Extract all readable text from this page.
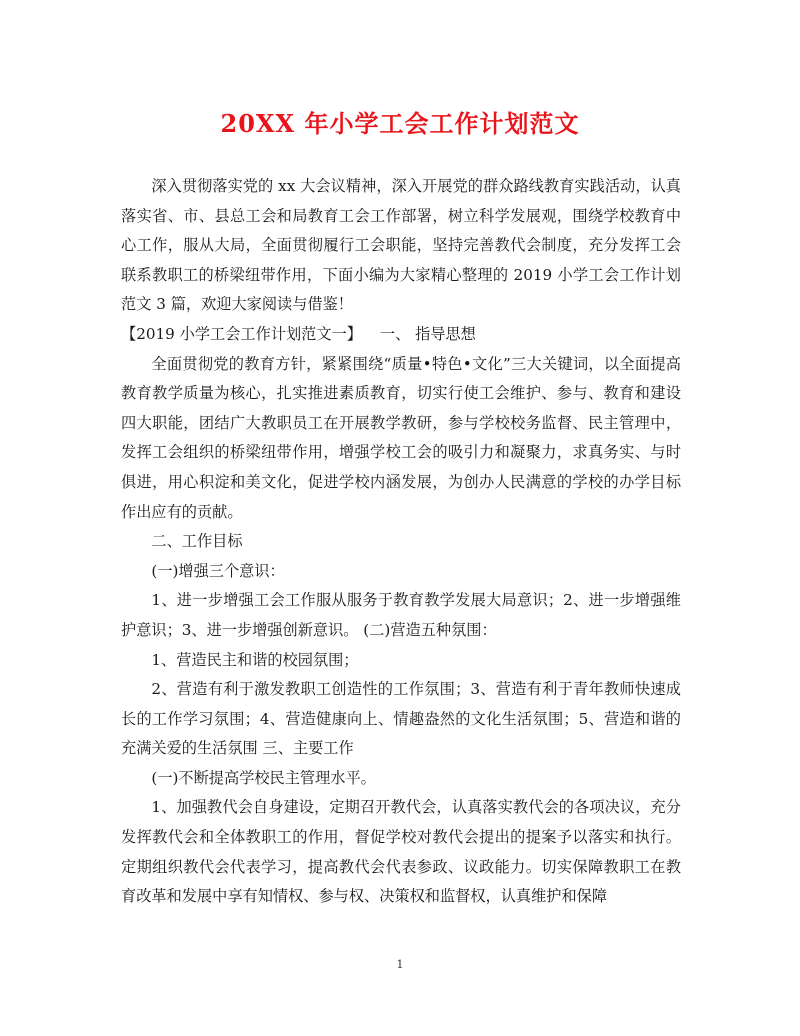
20XX 年小学工会工作计划范文

深入贯彻落实党的 xx 大会议精神，深入开展党的群众路线教育实践活动，认真落实省、市、县总工会和局教育工会工作部署，树立科学发展观，围绕学校教育中心工作，服从大局，全面贯彻履行工会职能，坚持完善教代会制度，充分发挥工会联系教职工的桥梁纽带作用，下面小编为大家精心整理的 2019 小学工会工作计划范文 3 篇，欢迎大家阅读与借鉴！

【2019 小学工会工作计划范文一】 一、 指导思想

全面贯彻党的教育方针，紧紧围绕“质量•特色•文化”三大关键词，以全面提高教育教学质量为核心，扎实推进素质教育，切实行使工会维护、参与、教育和建设四大职能，团结广大教职员工在开展教学教研，参与学校校务监督、民主管理中，发挥工会组织的桥梁纽带作用，增强学校工会的吸引力和凝聚力，求真务实、与时俱进，用心积淀和美文化，促进学校内涵发展，为创办人民满意的学校的办学目标作出应有的贡献。

二、工作目标

(一)增强三个意识：

1、进一步增强工会工作服从服务于教育教学发展大局意识；2、进一步增强维护意识；3、进一步增强创新意识。 (二)营造五种氛围：

1、营造民主和谐的校园氛围；

2、营造有利于激发教职工创造性的工作氛围；3、营造有利于青年教师快速成长的工作学习氛围；4、营造健康向上、情趣盎然的文化生活氛围；5、营造和谐的充满关爱的生活氛围 三、主要工作

(一)不断提高学校民主管理水平。

1、加强教代会自身建设，定期召开教代会，认真落实教代会的各项决议，充分发挥教代会和全体教职工的作用，督促学校对教代会提出的提案予以落实和执行。定期组织教代会代表学习，提高教代会代表参政、议政能力。切实保障教职工在教育改革和发展中享有知情权、参与权、决策权和监督权，认真维护和保障

1
